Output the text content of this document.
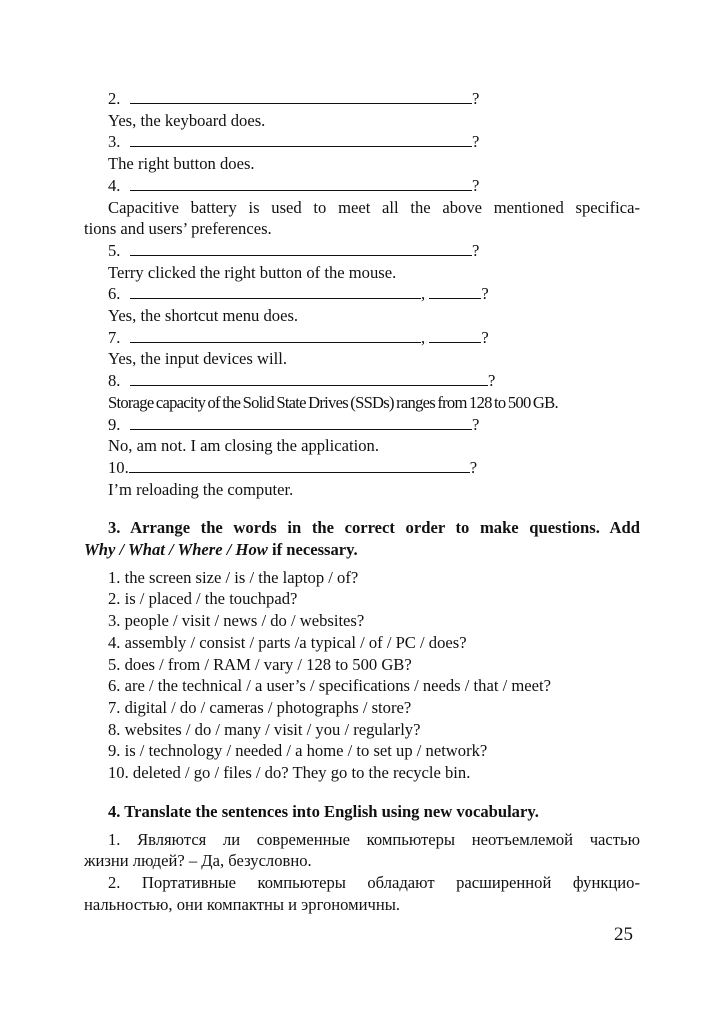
2.	?
Yes, the keyboard does.
3.	?
The right button does.
4.	?
Capacitive battery is used to meet all the above mentioned specifica-
tions and users’ preferences.
5.	?
Terry clicked the right button of the mouse.
6.	,	?
Yes, the shortcut menu does.
7.	,	?
Yes, the input devices will.
8.	?
Storage capacity of the Solid State Drives (SSDs) ranges from 128 to 500 GB.
9.	?
No, am not. I am closing the application.
10.	?
I’m reloading the computer.
3. Arrange the words in the correct order to make questions. Add
Why / What / Where / How if necessary.
1. the screen size / is / the laptop / of?
2. is / placed / the touchpad?
3. people / visit / news / do / websites?
4. assembly / consist / parts /a typical / of / PC / does?
5. does / from / RAM / vary / 128 to 500 GB?
6. are / the technical / a user’s / specifications / needs / that / meet?
7. digital / do / cameras / photographs / store?
8. websites / do / many / visit / you / regularly?
9. is / technology / needed / a home / to set up / network?
10. deleted / go / files / do? They go to the recycle bin.
4. Translate the sentences into English using new vocabulary.
1. Являются ли современные компьютеры неотъемлемой частью
жизни людей? – Да, безусловно.
2. Портативные компьютеры обладают расширенной функцио-
нальностью, они компактны и эргономичны.
25
